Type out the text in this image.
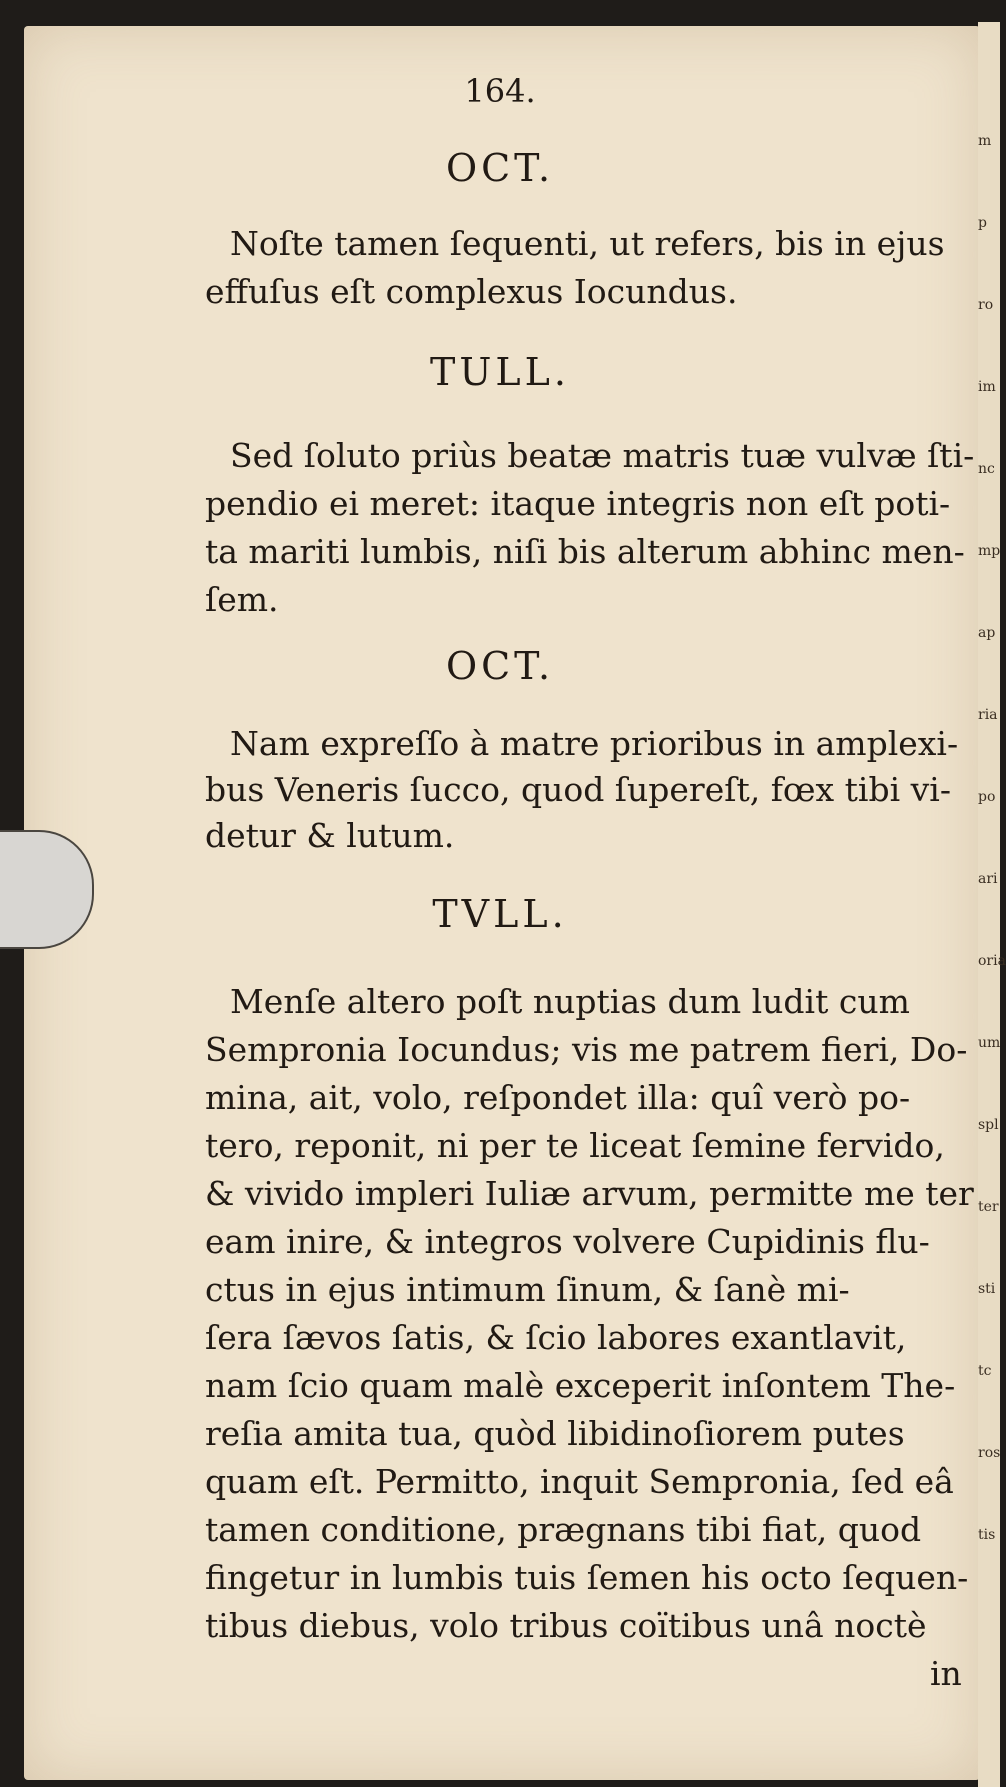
164.
OCT.
Noſte tamen ſequenti, ut refers, bis in ejus
effuſus eſt complexus Iocundus.
TULL.
Sed ſoluto priùs beatæ matris tuæ vulvæ ſti-
pendio ei meret: itaque integris non eſt poti-
ta mariti lumbis, niſi bis alterum abhinc men-
ſem.
OCT.
Nam expreſſo à matre prioribus in amplexi-
bus Veneris ſucco, quod ſupereſt, fœx tibi vi-
detur & lutum.
TVLL.
Menſe altero poſt nuptias dum ludit cum
Sempronia Iocundus; vis me patrem fieri, Do-
mina, ait, volo, reſpondet illa: quî verò po-
tero, reponit, ni per te liceat ſemine fervido,
& vivido impleri Iuliæ arvum, permitte me ter
eam inire, & integros volvere Cupidinis flu-
ctus in ejus intimum ſinum, & ſanè mi-
ſera ſævos ſatis, & ſcio labores exantlavit,
nam ſcio quam malè exceperit inſontem The-
reſia amita tua, quòd libidinoſiorem putes
quam eſt. Permitto, inquit Sempronia, ſed eâ
tamen conditione, prægnans tibi fiat, quod
fingetur in lumbis tuis ſemen his octo ſequen-
tibus diebus, volo tribus coïtibus unâ noctè
in
m
p
ro
im
nc
mp
ap
ria
po
ari
oria
um
spl
ter
sti
tc
ros
tis
